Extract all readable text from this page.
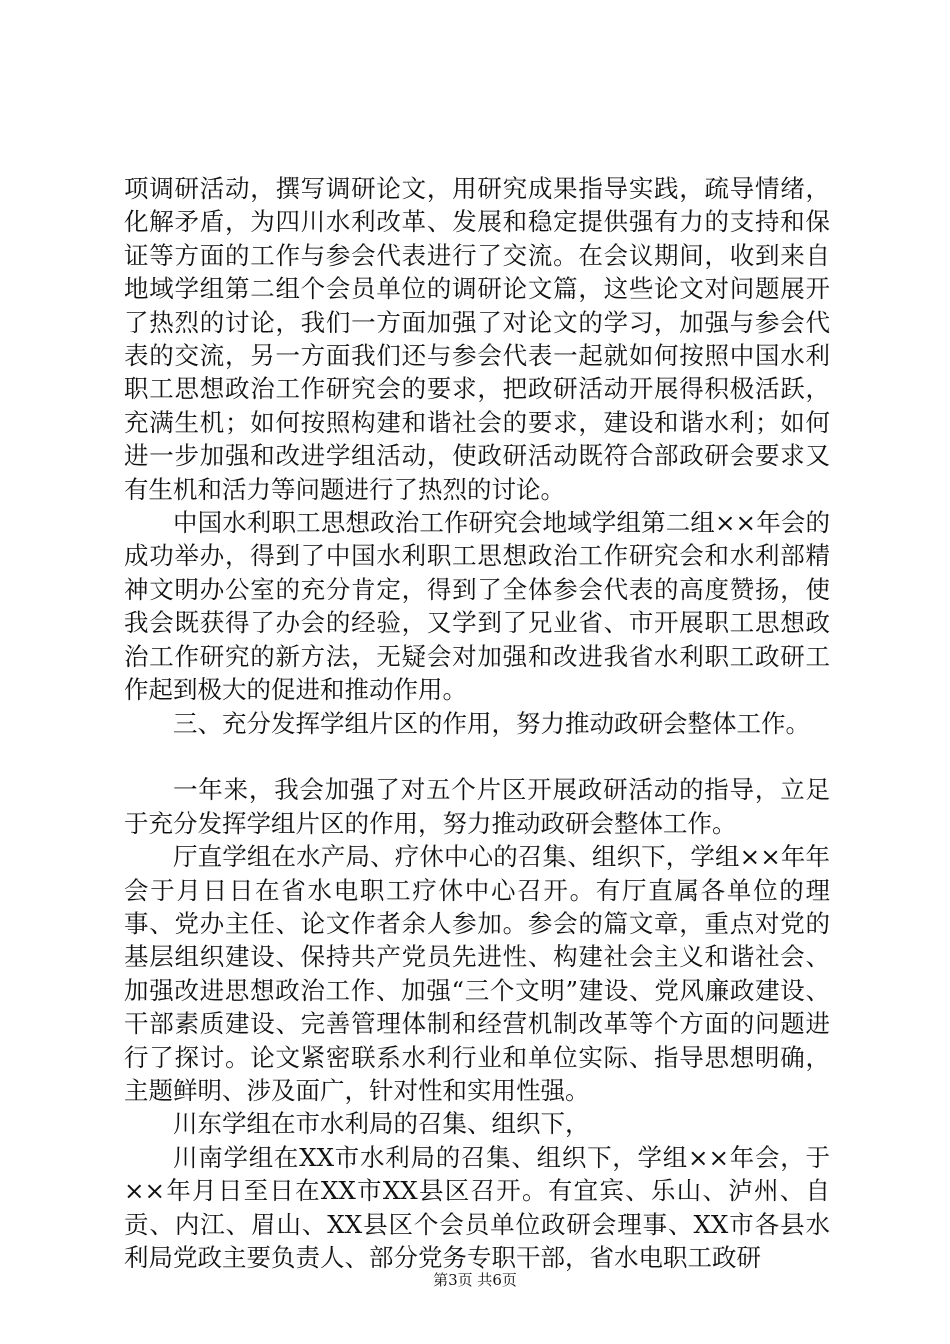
项调研活动，撰写调研论文，用研究成果指导实践，疏导情绪，化解矛盾，为四川水利改革、发展和稳定提供强有力的支持和保证等方面的工作与参会代表进行了交流。在会议期间，收到来自地域学组第二组个会员单位的调研论文篇，这些论文对问题展开了热烈的讨论，我们一方面加强了对论文的学习，加强与参会代表的交流，另一方面我们还与参会代表一起就如何按照中国水利职工思想政治工作研究会的要求，把政研活动开展得积极活跃，充满生机；如何按照构建和谐社会的要求，建设和谐水利；如何进一步加强和改进学组活动，使政研活动既符合部政研会要求又有生机和活力等问题进行了热烈的讨论。

中国水利职工思想政治工作研究会地域学组第二组××年会的成功举办，得到了中国水利职工思想政治工作研究会和水利部精神文明办公室的充分肯定，得到了全体参会代表的高度赞扬，使我会既获得了办会的经验，又学到了兄业省、市开展职工思想政治工作研究的新方法，无疑会对加强和改进我省水利职工政研工作起到极大的促进和推动作用。

三、充分发挥学组片区的作用，努力推动政研会整体工作。

一年来，我会加强了对五个片区开展政研活动的指导，立足于充分发挥学组片区的作用，努力推动政研会整体工作。

厅直学组在水产局、疗休中心的召集、组织下，学组××年年会于月日日在省水电职工疗休中心召开。有厅直属各单位的理事、党办主任、论文作者余人参加。参会的篇文章，重点对党的基层组织建设、保持共产党员先进性、构建社会主义和谐社会、加强改进思想政治工作、加强“三个文明”建设、党风廉政建设、干部素质建设、完善管理体制和经营机制改革等个方面的问题进行了探讨。论文紧密联系水利行业和单位实际、指导思想明确，主题鲜明、涉及面广，针对性和实用性强。

川东学组在市水利局的召集、组织下，

川南学组在XX市水利局的召集、组织下，学组××年会，于××年月日至日在XX市XX县区召开。有宜宾、乐山、泸州、自贡、内江、眉山、XX县区个会员单位政研会理事、XX市各县水利局党政主要负责人、部分党务专职干部，省水电职工政研

第3页 共6页
